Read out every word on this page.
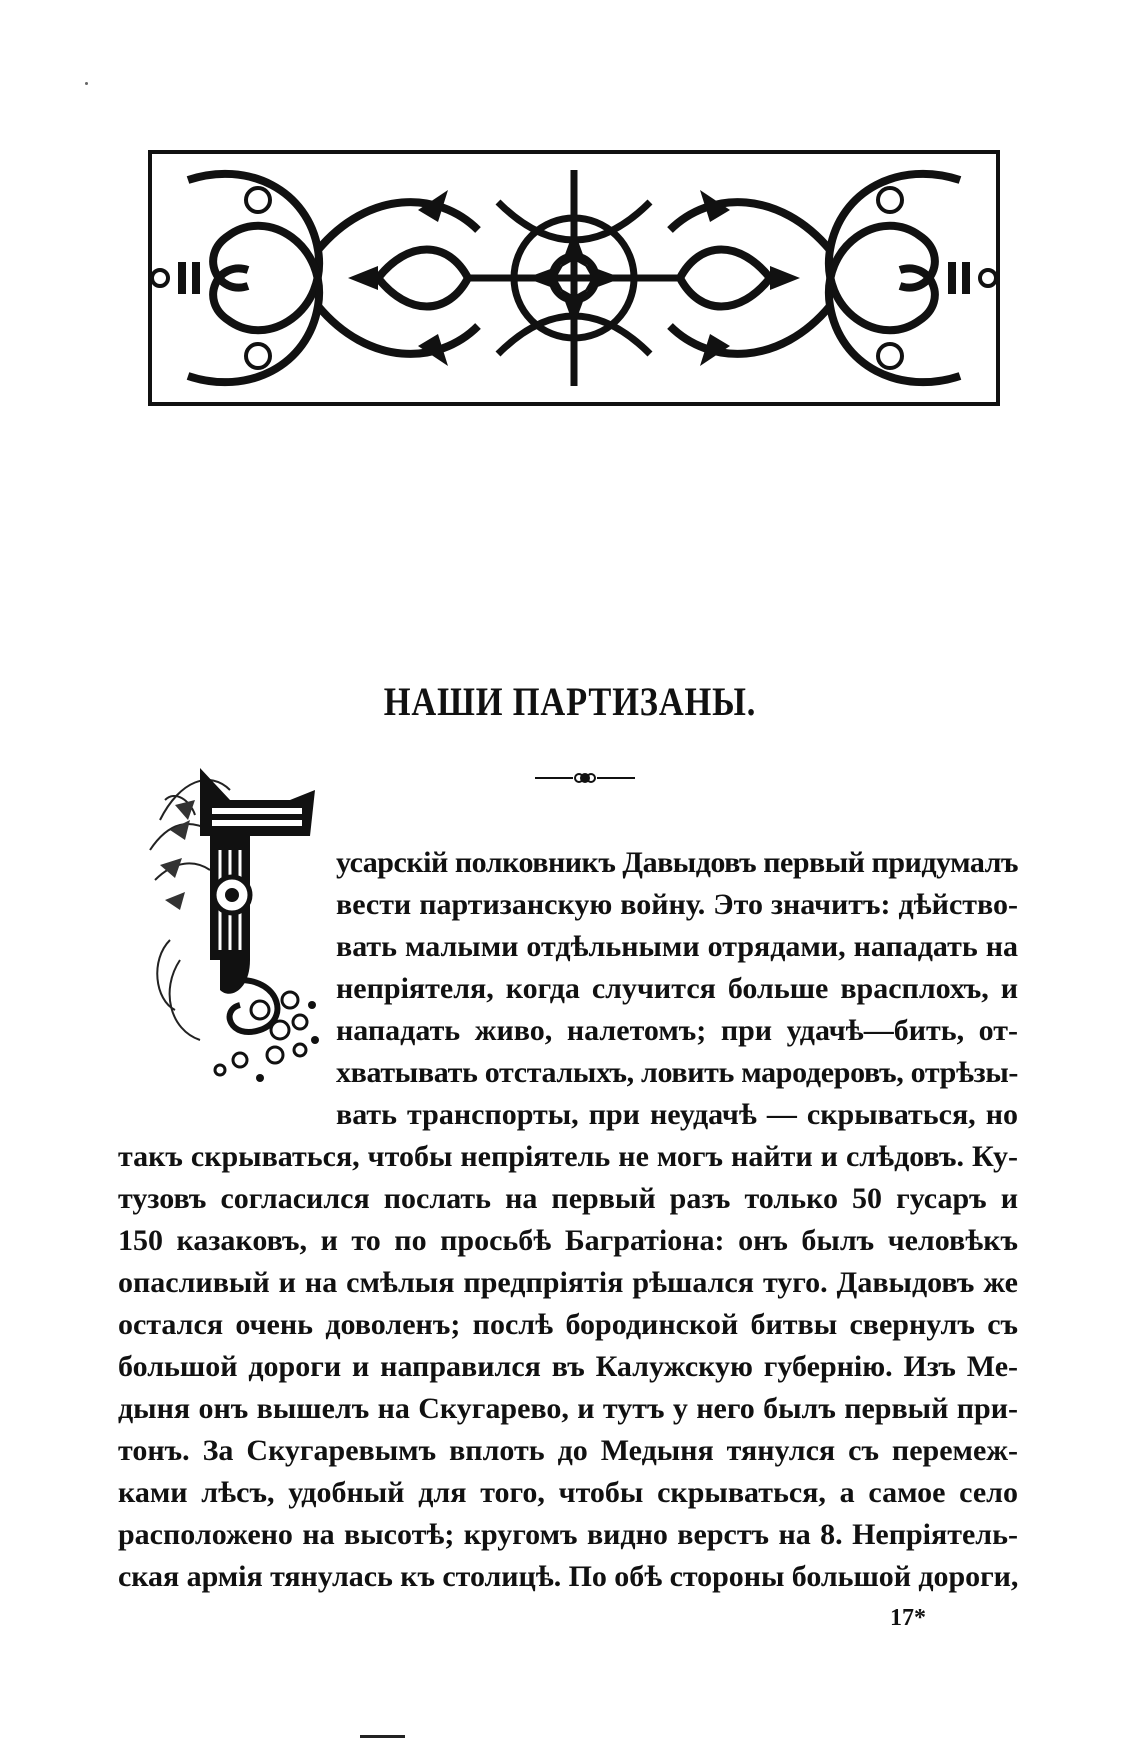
НАШИ ПАРТИЗАНЫ.
усарскій полковникъ Давыдовъ первый придумалъ
вести партизанскую войну. Это значитъ: дѣйство-
вать малыми отдѣльными отрядами, нападать на
непріятеля, когда случится больше врасплохъ, и
нападать живо, налетомъ; при удачѣ—бить, от-
хватывать отсталыхъ, ловить мародеровъ, отрѣзы-
вать транспорты, при неудачѣ — скрываться, но
такъ скрываться, чтобы непріятель не могъ найти и слѣдовъ. Ку-
тузовъ согласился послать на первый разъ только 50 гусаръ и
150 казаковъ, и то по просьбѣ Багратіона: онъ былъ человѣкъ
опасливый и на смѣлыя предпріятія рѣшался туго. Давыдовъ же
остался очень доволенъ; послѣ бородинской битвы свернулъ съ
большой дороги и направился въ Калужскую губернію. Изъ Ме-
дыня онъ вышелъ на Скугарево, и тутъ у него былъ первый при-
тонъ. За Скугаревымъ вплоть до Медыня тянулся съ перемеж-
ками лѣсъ, удобный для того, чтобы скрываться, а самое село
расположено на высотѣ; кругомъ видно верстъ на 8. Непріятель-
ская армія тянулась къ столицѣ. По обѣ стороны большой дороги,
17*
